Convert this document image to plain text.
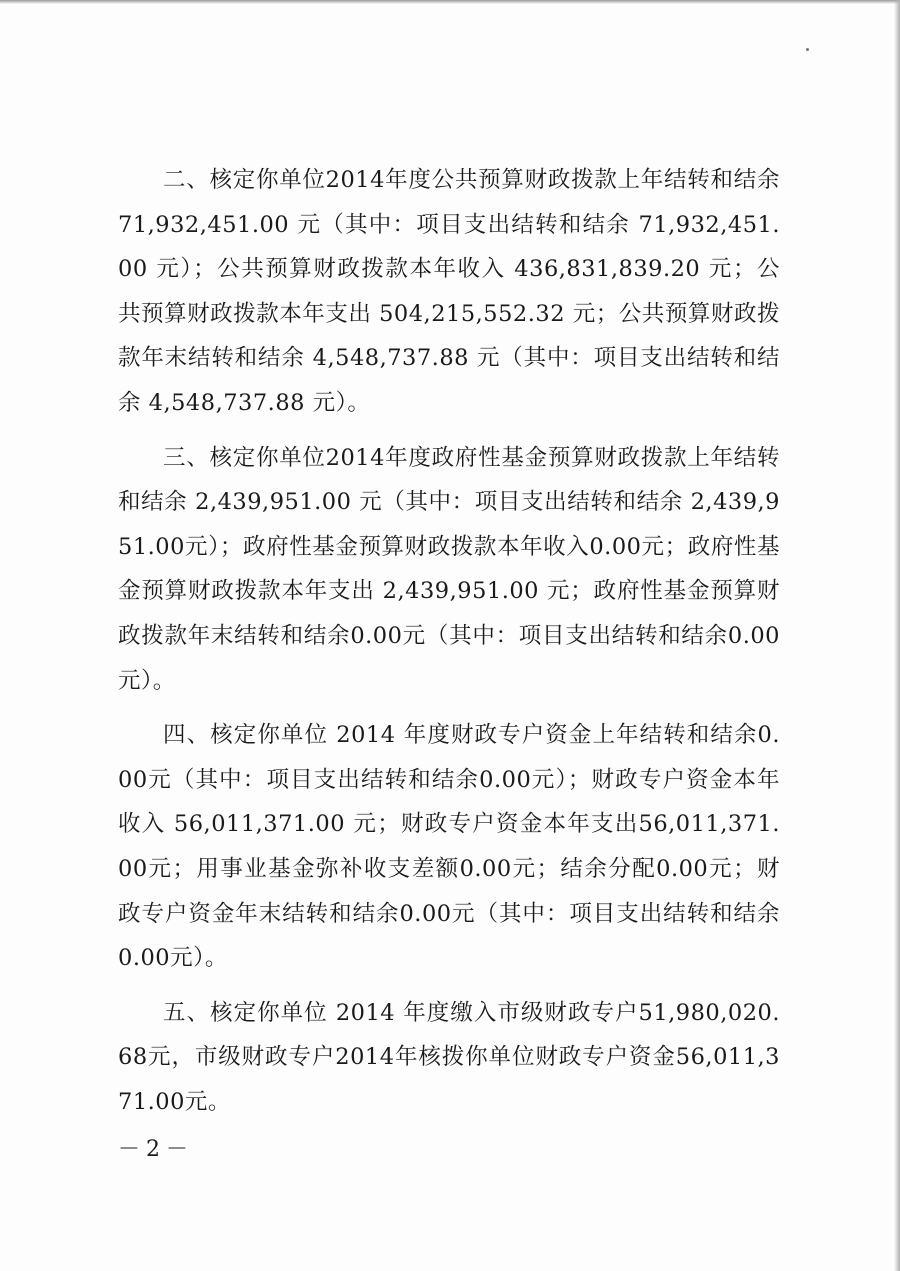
二、核定你单位2014年度公共预算财政拨款上年结转和结余 71,932,451.00 元（其中：项目支出结转和结余 71,932,451.00 元）；公共预算财政拨款本年收入 436,831,839.20 元；公共预算财政拨款本年支出 504,215,552.32 元；公共预算财政拨款年末结转和结余 4,548,737.88 元（其中：项目支出结转和结余 4,548,737.88 元）。

三、核定你单位2014年度政府性基金预算财政拨款上年结转和结余 2,439,951.00 元（其中：项目支出结转和结余 2,439,951.00元）；政府性基金预算财政拨款本年收入0.00元；政府性基金预算财政拨款本年支出 2,439,951.00 元；政府性基金预算财政拨款年末结转和结余0.00元（其中：项目支出结转和结余0.00元）。

四、核定你单位 2014 年度财政专户资金上年结转和结余0.00元（其中：项目支出结转和结余0.00元）；财政专户资金本年收入 56,011,371.00 元；财政专户资金本年支出56,011,371.00元；用事业基金弥补收支差额0.00元；结余分配0.00元；财政专户资金年末结转和结余0.00元（其中：项目支出结转和结余0.00元）。

五、核定你单位 2014 年度缴入市级财政专户51,980,020.68元，市级财政专户2014年核拨你单位财政专户资金56,011,371.00元。

－2－
